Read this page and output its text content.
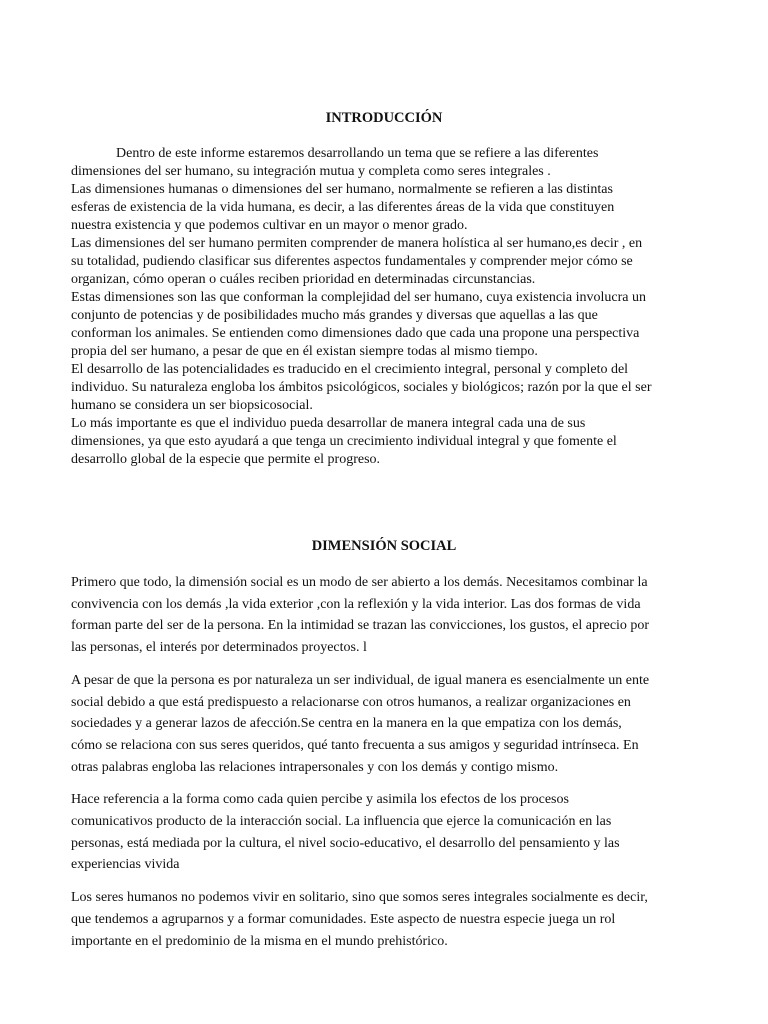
INTRODUCCIÓN

Dentro de este informe estaremos desarrollando un tema que se refiere a las diferentes
dimensiones del ser humano, su integración mutua y completa como seres integrales .

Las dimensiones humanas o dimensiones del ser humano, normalmente se refieren a las distintas
esferas de existencia de la vida humana, es decir, a las diferentes áreas de la vida que constituyen
nuestra existencia y que podemos cultivar en un mayor o menor grado.

Las dimensiones del ser humano permiten comprender de manera holística al ser humano,es decir , en
su totalidad, pudiendo clasificar sus diferentes aspectos fundamentales y comprender mejor cómo se
organizan, cómo operan o cuáles reciben prioridad en determinadas circunstancias.

Estas dimensiones son las que conforman la complejidad del ser humano, cuya existencia involucra un
conjunto de potencias y de posibilidades mucho más grandes y diversas que aquellas a las que
conforman los animales. Se entienden como dimensiones dado que cada una propone una perspectiva
propia del ser humano, a pesar de que en él existan siempre todas al mismo tiempo.

El desarrollo de las potencialidades es traducido en el crecimiento integral, personal y completo del
individuo. Su naturaleza engloba los ámbitos psicológicos, sociales y biológicos; razón por la que el ser
humano se considera un ser biopsicosocial.

Lo más importante es que el individuo pueda desarrollar de manera integral cada una de sus
dimensiones, ya que esto ayudará a que tenga un crecimiento individual integral y que fomente el
desarrollo global de la especie que permite el progreso.

DIMENSIÓN SOCIAL

Primero que todo, la dimensión social es un modo de ser abierto a los demás. Necesitamos combinar la
convivencia con los demás ,la vida exterior ,con la reflexión y la vida interior. Las dos formas de vida
forman parte del ser de la persona. En la intimidad se trazan las convicciones, los gustos, el aprecio por
las personas, el interés por determinados proyectos. l

A pesar de que la persona es por naturaleza un ser individual, de igual manera es esencialmente un ente
social debido a que está predispuesto a relacionarse con otros humanos, a realizar organizaciones en
sociedades y a generar lazos de afección.Se centra en la manera en la que empatiza con los demás,
cómo se relaciona con sus seres queridos, qué tanto frecuenta a sus amigos y seguridad intrínseca. En
otras palabras engloba las relaciones intrapersonales y con los demás y contigo mismo.

Hace referencia a la forma como cada quien percibe y asimila los efectos de los procesos
comunicativos producto de la interacción social. La influencia que ejerce la comunicación en las
personas, está mediada por la cultura, el nivel socio-educativo, el desarrollo del pensamiento y las
experiencias vivida

Los seres humanos no podemos vivir en solitario, sino que somos seres integrales socialmente es decir,
que tendemos a agruparnos y a formar comunidades. Este aspecto de nuestra especie juega un rol
importante en el predominio de la misma en el mundo prehistórico.
